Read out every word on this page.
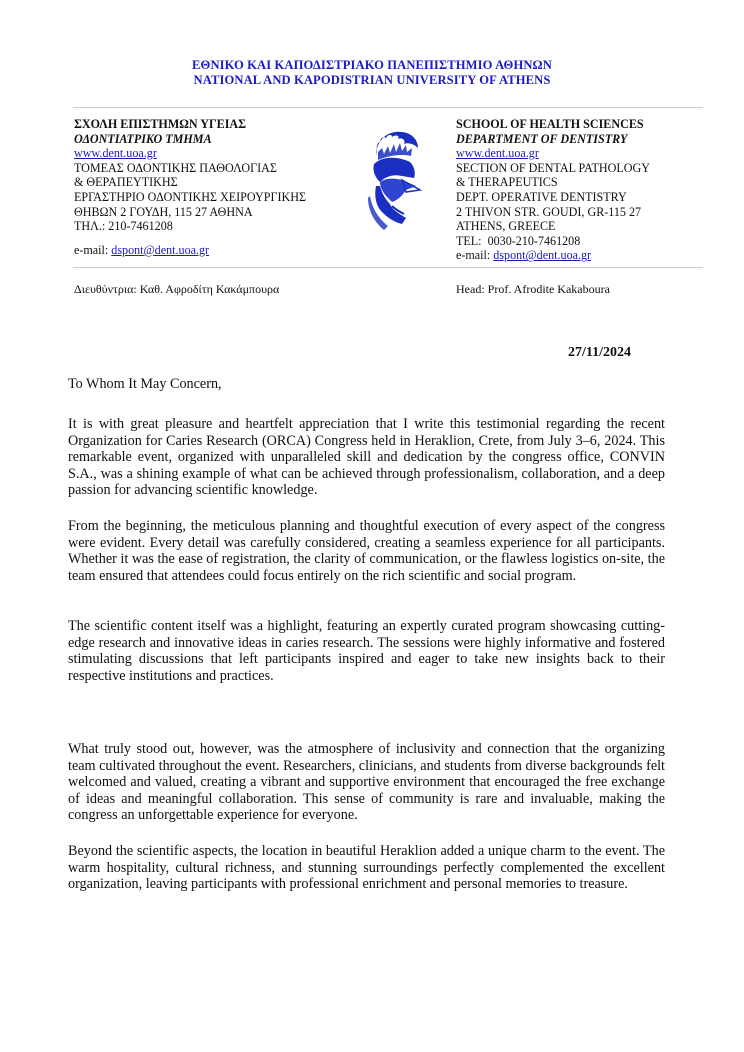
ΕΘΝΙΚΟ ΚΑΙ ΚΑΠΟΔΙΣΤΡΙΑΚΟ ΠΑΝΕΠΙΣΤΗΜΙΟ ΑΘΗΝΩΝ
NATIONAL AND KAPODISTRIAN UNIVERSITY OF ATHENS
ΣΧΟΛΗ ΕΠΙΣΤΗΜΩΝ ΥΓΕΙΑΣ
ΟΔΟΝΤΙΑΤΡΙΚΟ ΤΜΗΜΑ
www.dent.uoa.gr
ΤΟΜΕΑΣ ΟΔΟΝΤΙΚΗΣ ΠΑΘΟΛΟΓΙΑΣ
& ΘΕΡΑΠΕΥΤΙΚΗΣ
ΕΡΓΑΣΤΗΡΙΟ ΟΔΟΝΤΙΚΗΣ ΧΕΙΡΟΥΡΓΙΚΗΣ
ΘΗΒΩΝ 2 ΓΟΥΔΗ, 115 27 ΑΘΗΝΑ
ΤΗΛ.: 210-7461208
e-mail: dspont@dent.uoa.gr
SCHOOL OF HEALTH SCIENCES
DEPARTMENT OF DENTISTRY
www.dent.uoa.gr
SECTION OF DENTAL PATHOLOGY
& THERAPEUTICS
DEPT. OPERATIVE DENTISTRY
2 THIVON STR. GOUDI, GR-115 27
ATHENS, GREECE
TEL:  0030-210-7461208
e-mail: dspont@dent.uoa.gr
Διευθύντρια: Καθ. Αφροδίτη Κακάμπουρα	Head: Prof. Afrodite Kakaboura
27/11/2024
To Whom It May Concern,

It is with great pleasure and heartfelt appreciation that I write this testimonial regarding the recent Organization for Caries Research (ORCA) Congress held in Heraklion, Crete, from July 3–6, 2024. This remarkable event, organized with unparalleled skill and dedication by the congress office, CONVIN S.A., was a shining example of what can be achieved through professionalism, collaboration, and a deep passion for advancing scientific knowledge.

From the beginning, the meticulous planning and thoughtful execution of every aspect of the congress were evident. Every detail was carefully considered, creating a seamless experience for all participants. Whether it was the ease of registration, the clarity of communication, or the flawless logistics on-site, the team ensured that attendees could focus entirely on the rich scientific and social program.

The scientific content itself was a highlight, featuring an expertly curated program showcasing cutting-edge research and innovative ideas in caries research. The sessions were highly informative and fostered stimulating discussions that left participants inspired and eager to take new insights back to their respective institutions and practices.

What truly stood out, however, was the atmosphere of inclusivity and connection that the organizing team cultivated throughout the event. Researchers, clinicians, and students from diverse backgrounds felt welcomed and valued, creating a vibrant and supportive environment that encouraged the free exchange of ideas and meaningful collaboration. This sense of community is rare and invaluable, making the congress an unforgettable experience for everyone.

Beyond the scientific aspects, the location in beautiful Heraklion added a unique charm to the event. The warm hospitality, cultural richness, and stunning surroundings perfectly complemented the excellent organization, leaving participants with professional enrichment and personal memories to treasure.
